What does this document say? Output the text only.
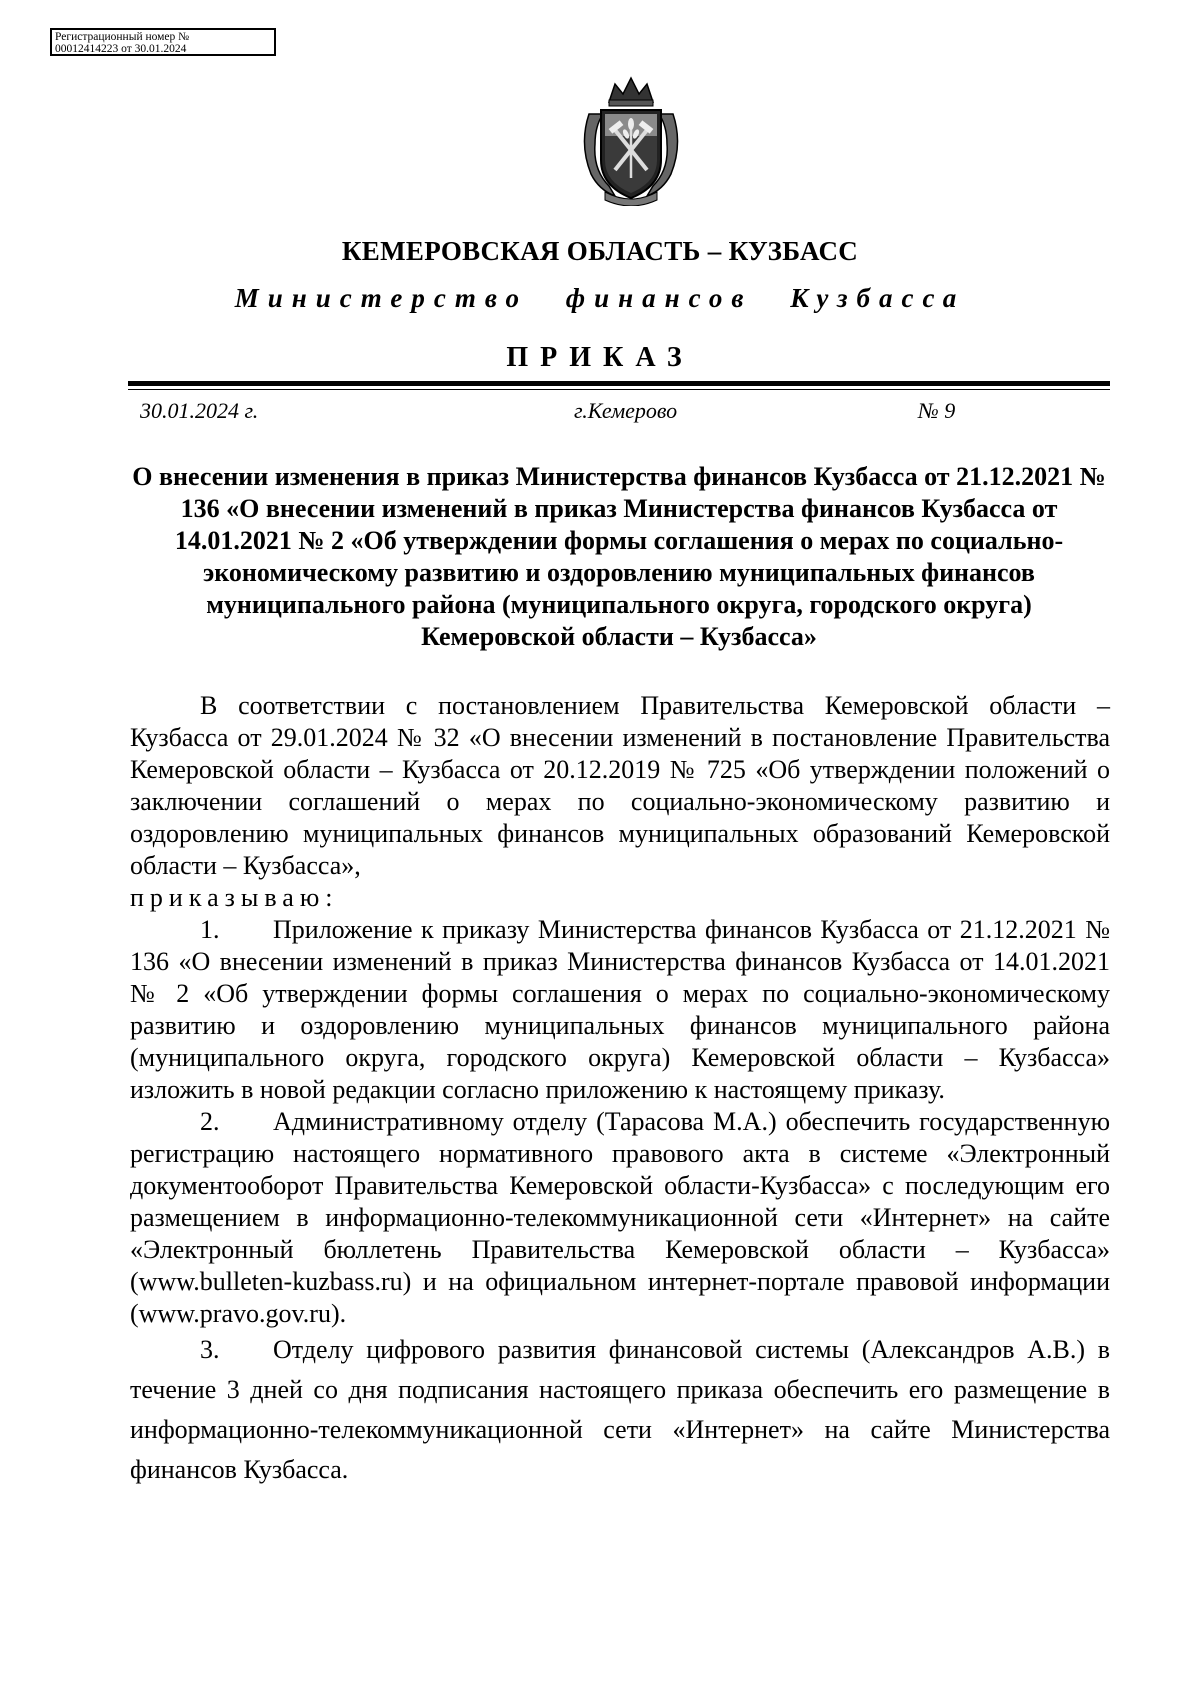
Регистрационный номер №
00012414223 от 30.01.2024
КЕМЕРОВСКАЯ ОБЛАСТЬ – КУЗБАСС
Министерство финансов Кузбасса
ПРИКАЗ
30.01.2024 г.	г.Кемерово	№ 9
О внесении изменения в приказ Министерства финансов Кузбасса от 21.12.2021 № 136 «О внесении изменений в приказ Министерства финансов Кузбасса от 14.01.2021 № 2 «Об утверждении формы соглашения о мерах по социально-экономическому развитию и оздоровлению муниципальных финансов муниципального района (муниципального округа, городского округа) Кемеровской области – Кузбасса»

В соответствии с постановлением Правительства Кемеровской области – Кузбасса от 29.01.2024 № 32 «О внесении изменений в постановление Правительства Кемеровской области – Кузбасса от 20.12.2019 № 725 «Об утверждении положений о заключении соглашений о мерах по социально-экономическому развитию и оздоровлению муниципальных финансов муниципальных образований Кемеровской области – Кузбасса»,

приказываю:

1. Приложение к приказу Министерства финансов Кузбасса от 21.12.2021 № 136 «О внесении изменений в приказ Министерства финансов Кузбасса от 14.01.2021 № 2 «Об утверждении формы соглашения о мерах по социально-экономическому развитию и оздоровлению муниципальных финансов муниципального района (муниципального округа, городского округа) Кемеровской области – Кузбасса» изложить в новой редакции согласно приложению к настоящему приказу.

2. Административному отделу (Тарасова М.А.) обеспечить государственную регистрацию настоящего нормативного правового акта в системе «Электронный документооборот Правительства Кемеровской области-Кузбасса» с последующим его размещением в информационно-телекоммуникационной сети «Интернет» на сайте «Электронный бюллетень Правительства Кемеровской области – Кузбасса» (www.bulleten-kuzbass.ru) и на официальном интернет-портале правовой информации (www.pravo.gov.ru).

3. Отделу цифрового развития финансовой системы (Александров А.В.) в течение 3 дней со дня подписания настоящего приказа обеспечить его размещение в информационно-телекоммуникационной сети «Интернет» на сайте Министерства финансов Кузбасса.
